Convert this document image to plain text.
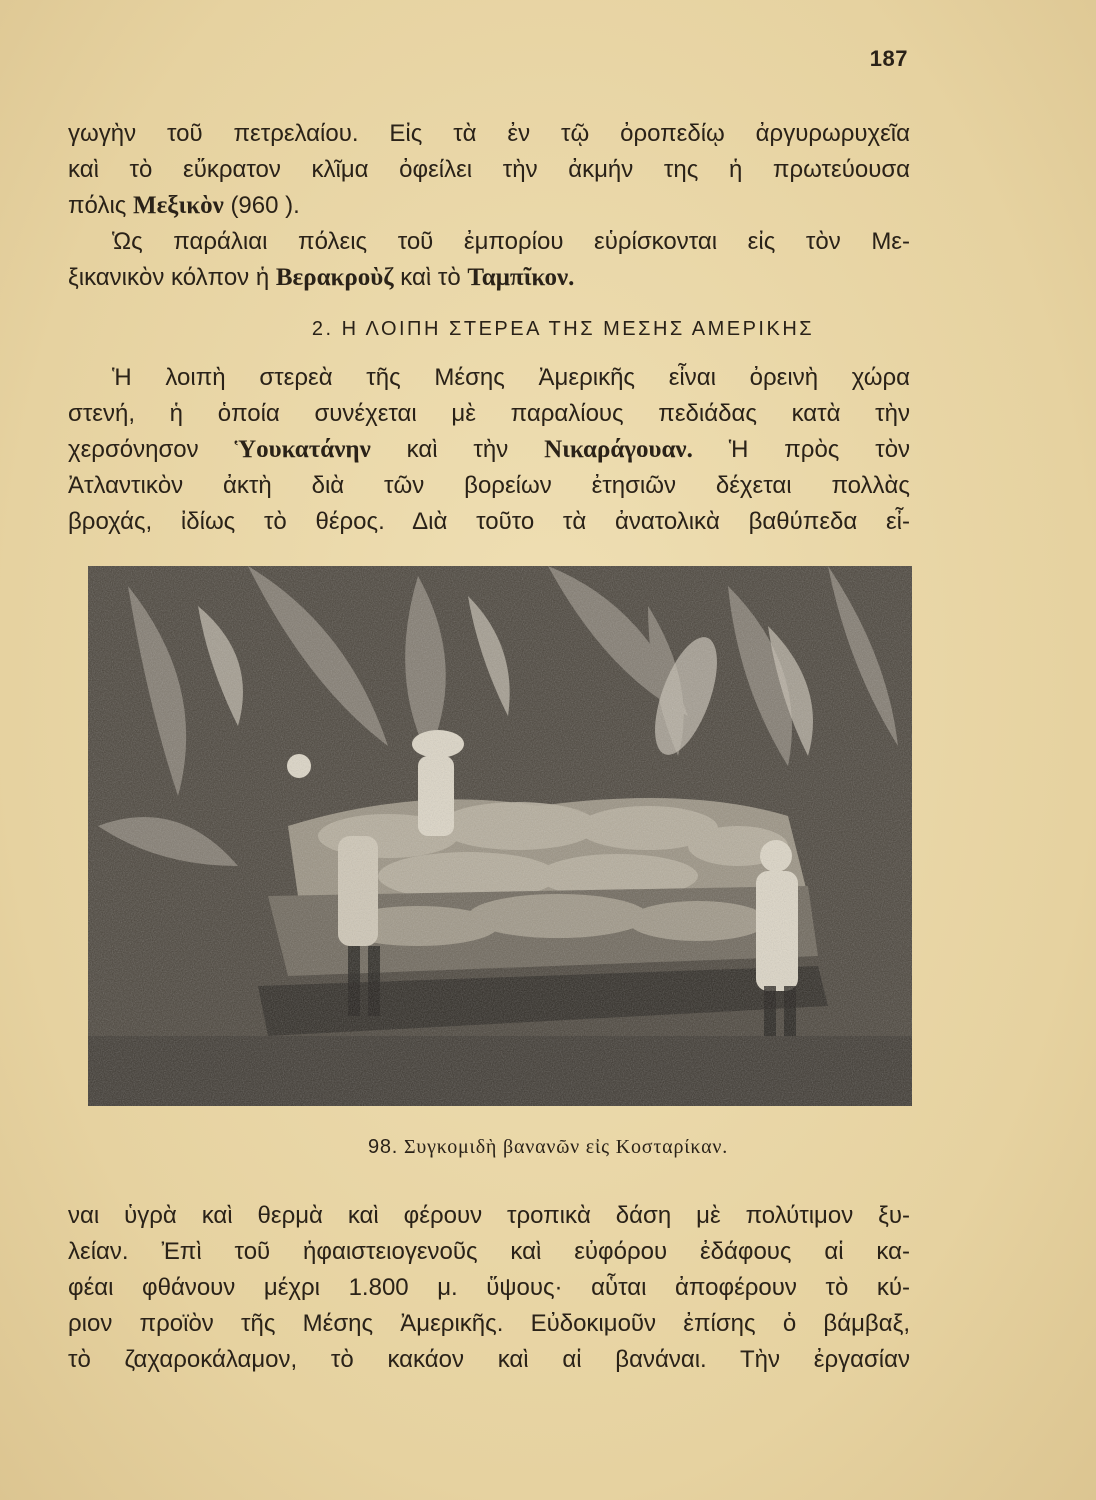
187
γωγὴν τοῦ πετρελαίου. Εἰς τὰ ἐν τῷ ὀροπεδίῳ ἀργυρωρυχεῖα
καὶ τὸ εὔκρατον κλῖμα ὀφείλει τὴν ἀκμήν της ἡ πρωτεύουσα
πόλις Μεξικὸν (960 ).
Ὡς παράλιαι πόλεις τοῦ ἐμπορίου εὑρίσκονται εἰς τὸν Με-
ξικανικὸν κόλπον ἡ Βερακροὺζ καὶ τὸ Ταμπῖκον.
2. Η ΛΟΙΠΗ ΣΤΕΡΕΑ ΤΗΣ ΜΕΣΗΣ ΑΜΕΡΙΚΗΣ
Ἡ λοιπὴ στερεὰ τῆς Μέσης Ἀμερικῆς εἶναι ὀρεινὴ χώρα
στενή, ἡ ὁποία συνέχεται μὲ παραλίους πεδιάδας κατὰ τὴν
χερσόνησον Ὑουκατάνην καὶ τὴν Νικαράγουαν. Ἡ πρὸς τὸν
Ἀτλαντικὸν ἀκτὴ διὰ τῶν βορείων ἐτησιῶν δέχεται πολλὰς
βροχάς, ἰδίως τὸ θέρος. Διὰ τοῦτο τὰ ἀνατολικὰ βαθύπεδα εἶ-
98. Συγκομιδὴ βανανῶν εἰς Κοσταρίκαν.
ναι ὑγρὰ καὶ θερμὰ καὶ φέρουν τροπικὰ δάση μὲ πολύτιμον ξυ-
λείαν. Ἐπὶ τοῦ ἡφαιστειογενοῦς καὶ εὐφόρου ἐδάφους αἱ κα-
φέαι φθάνουν μέχρι 1.800 μ. ὕψους· αὗται ἀποφέρουν τὸ κύ-
ριον προϊὸν τῆς Μέσης Ἀμερικῆς. Εὐδοκιμοῦν ἐπίσης ὁ βάμβαξ,
τὸ ζαχαροκάλαμον, τὸ κακάον καὶ αἱ βανάναι. Τὴν ἐργασίαν
